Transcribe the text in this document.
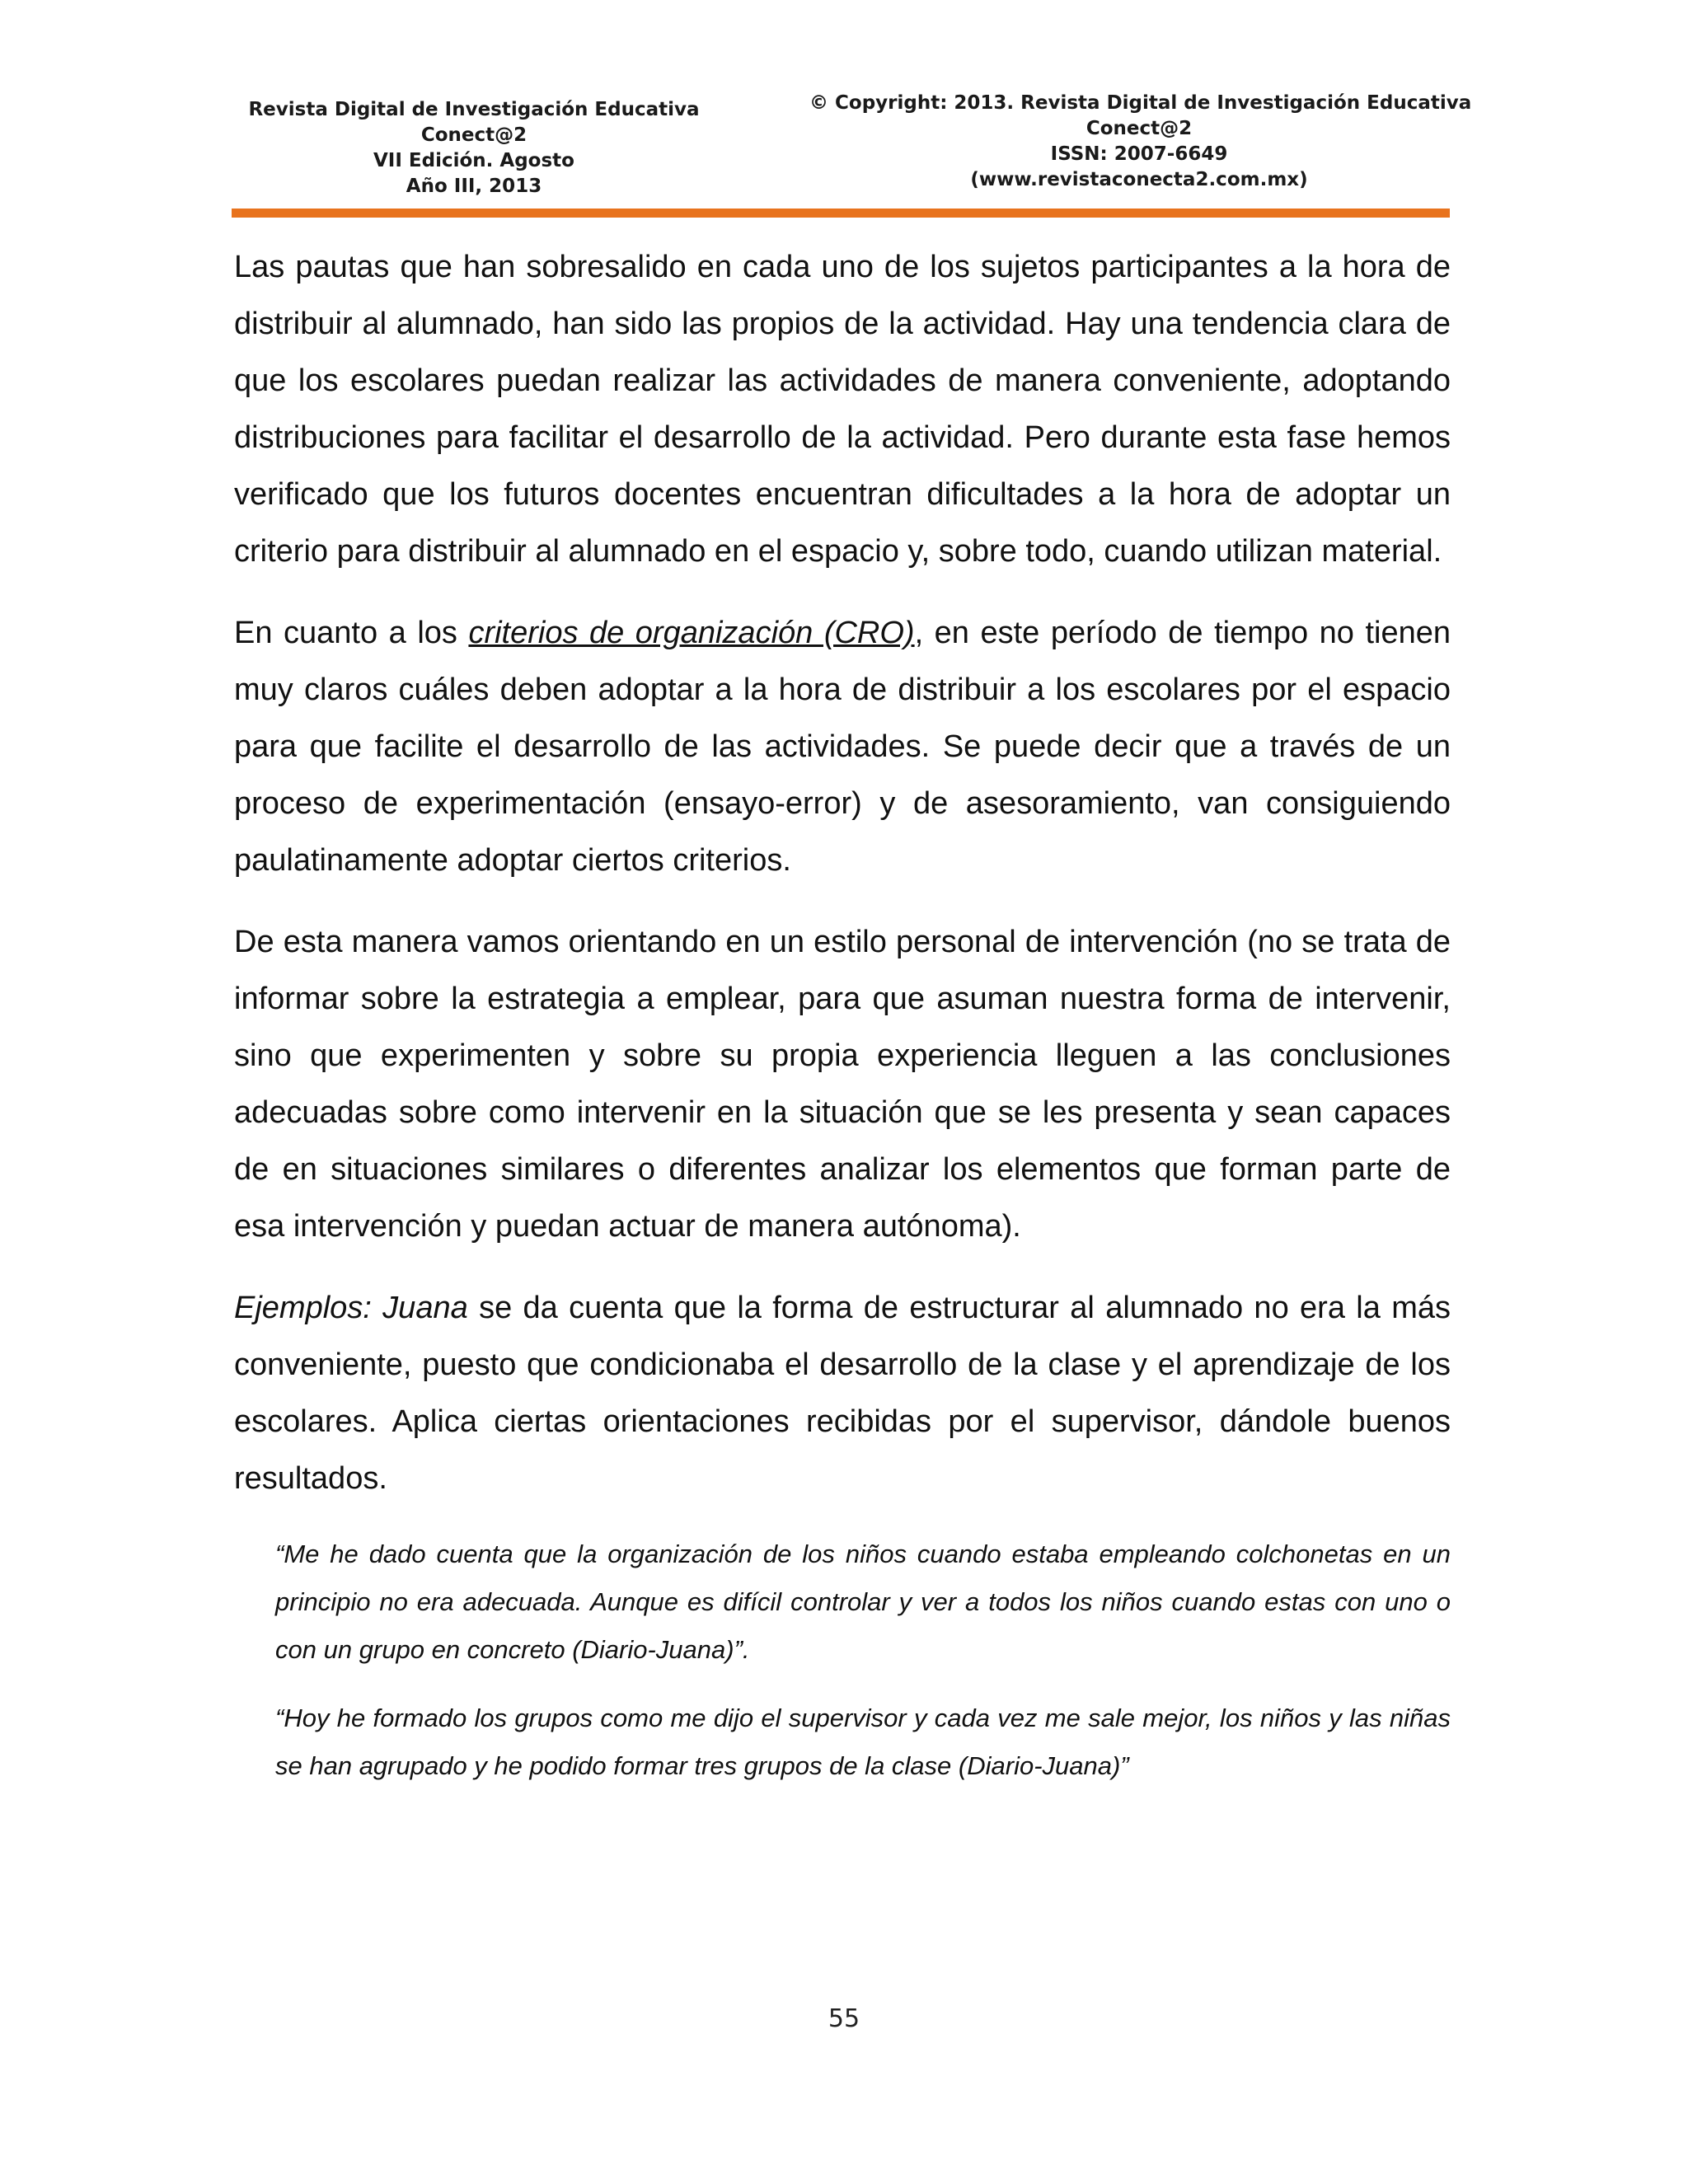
Revista Digital de Investigación Educativa
Conect@2
VII Edición. Agosto
Año III, 2013
© Copyright: 2013. Revista Digital de Investigación Educativa
Conect@2
ISSN: 2007-6649
(www.revistaconecta2.com.mx)

Las pautas que han sobresalido en cada uno de los sujetos participantes a la hora de distribuir al alumnado, han sido las propios de la actividad. Hay una tendencia clara de que los escolares puedan realizar las actividades de manera conveniente, adoptando distribuciones para facilitar el desarrollo de la actividad. Pero durante esta fase hemos verificado que los futuros docentes encuentran dificultades a la hora de adoptar un criterio para distribuir al alumnado en el espacio y, sobre todo, cuando utilizan material.

En cuanto a los criterios de organización (CRO), en este período de tiempo no tienen muy claros cuáles deben adoptar a la hora de distribuir a los escolares por el espacio para que facilite el desarrollo de las actividades. Se puede decir que a través de un proceso de experimentación (ensayo-error) y de asesoramiento, van consiguiendo paulatinamente adoptar ciertos criterios.

De esta manera vamos orientando en un estilo personal de intervención (no se trata de informar sobre la estrategia a emplear, para que asuman nuestra forma de intervenir, sino que experimenten y sobre su propia experiencia lleguen a las conclusiones adecuadas sobre como intervenir en la situación que se les presenta y sean capaces de en situaciones similares o diferentes analizar los elementos que forman parte de esa intervención y puedan actuar de manera autónoma).

Ejemplos: Juana se da cuenta que la forma de estructurar al alumnado no era la más conveniente, puesto que condicionaba el desarrollo de la clase y el aprendizaje de los escolares. Aplica ciertas orientaciones recibidas por el supervisor, dándole buenos resultados.

“Me he dado cuenta que la organización de los niños cuando estaba empleando colchonetas en un principio no era adecuada. Aunque es difícil controlar y ver a todos los niños cuando estas con uno o con un grupo en concreto (Diario-Juana)”.

“Hoy he formado los grupos como me dijo el supervisor y cada vez me sale mejor, los niños y las niñas se han agrupado y he podido formar tres grupos de la clase (Diario-Juana)”

55
